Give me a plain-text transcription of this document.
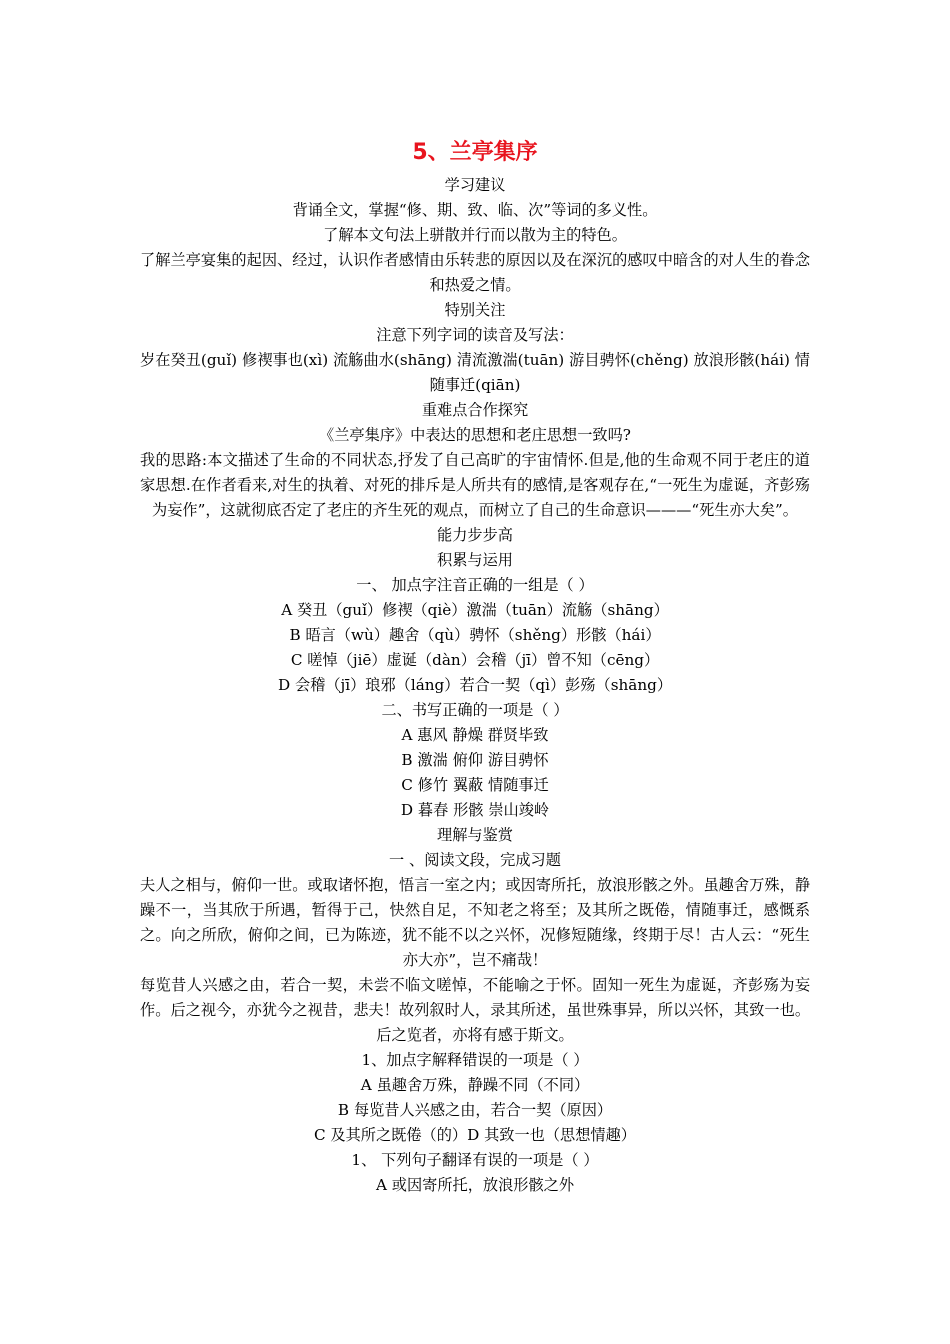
5、兰亭集序
学习建议
背诵全文，掌握“修、期、致、临、次”等词的多义性。
了解本文句法上骈散并行而以散为主的特色。
了解兰亭宴集的起因、经过，认识作者感情由乐转悲的原因以及在深沉的感叹中暗含的对人生的眷念和热爱之情。
特别关注
注意下列字词的读音及写法：
岁在癸丑(guǐ) 修禊事也(xì) 流觞曲水(shāng) 清流激湍(tuān) 游目骋怀(chěng) 放浪形骸(hái) 情随事迁(qiān)
重难点合作探究
《兰亭集序》中表达的思想和老庄思想一致吗?
我的思路:本文描述了生命的不同状态,抒发了自己高旷的宇宙情怀.但是,他的生命观不同于老庄的道家思想.在作者看来,对生的执着、对死的排斥是人所共有的感情,是客观存在,“一死生为虚诞，齐彭殇为妄作”，这就彻底否定了老庄的齐生死的观点，而树立了自己的生命意识———“死生亦大矣”。
能力步步高
积累与运用
一、 加点字注音正确的一组是（ ）
A 癸丑（guǐ）修禊（qiè）激湍（tuān）流觞（shāng）
B 晤言（wù）趣舍（qù）骋怀（shěng）形骸（hái）
C 嗟悼（jiē）虚诞（dàn）会稽（jī）曾不知（cēng）
D 会稽（jī）琅邪（láng）若合一契（qì）彭殇（shāng）
二、书写正确的一项是（ ）
A 惠风 静燥 群贤毕致
B 激湍 俯仰 游目骋怀
C 修竹 翼蔽 情随事迁
D 暮春 形骸 崇山竣岭
理解与鉴赏
一 、阅读文段，完成习题
夫人之相与，俯仰一世。或取诸怀抱，悟言一室之内；或因寄所托，放浪形骸之外。虽趣舍万殊，静躁不一，当其欣于所遇，暂得于己，快然自足，不知老之将至；及其所之既倦，情随事迁，感慨系之。向之所欣，俯仰之间，已为陈迹，犹不能不以之兴怀，况修短随缘，终期于尽！古人云：“死生亦大亦”，岂不痛哉！
每览昔人兴感之由，若合一契，未尝不临文嗟悼，不能喻之于怀。固知一死生为虚诞，齐彭殇为妄作。后之视今，亦犹今之视昔，悲夫！故列叙时人，录其所述，虽世殊事异，所以兴怀，其致一也。后之览者，亦将有感于斯文。
1、加点字解释错误的一项是（ ）
A 虽趣舍万殊，静躁不同（不同）
B 每览昔人兴感之由，若合一契（原因）
C 及其所之既倦（的）D 其致一也（思想情趣）
1、 下列句子翻译有误的一项是（ ）
A 或因寄所托，放浪形骸之外
